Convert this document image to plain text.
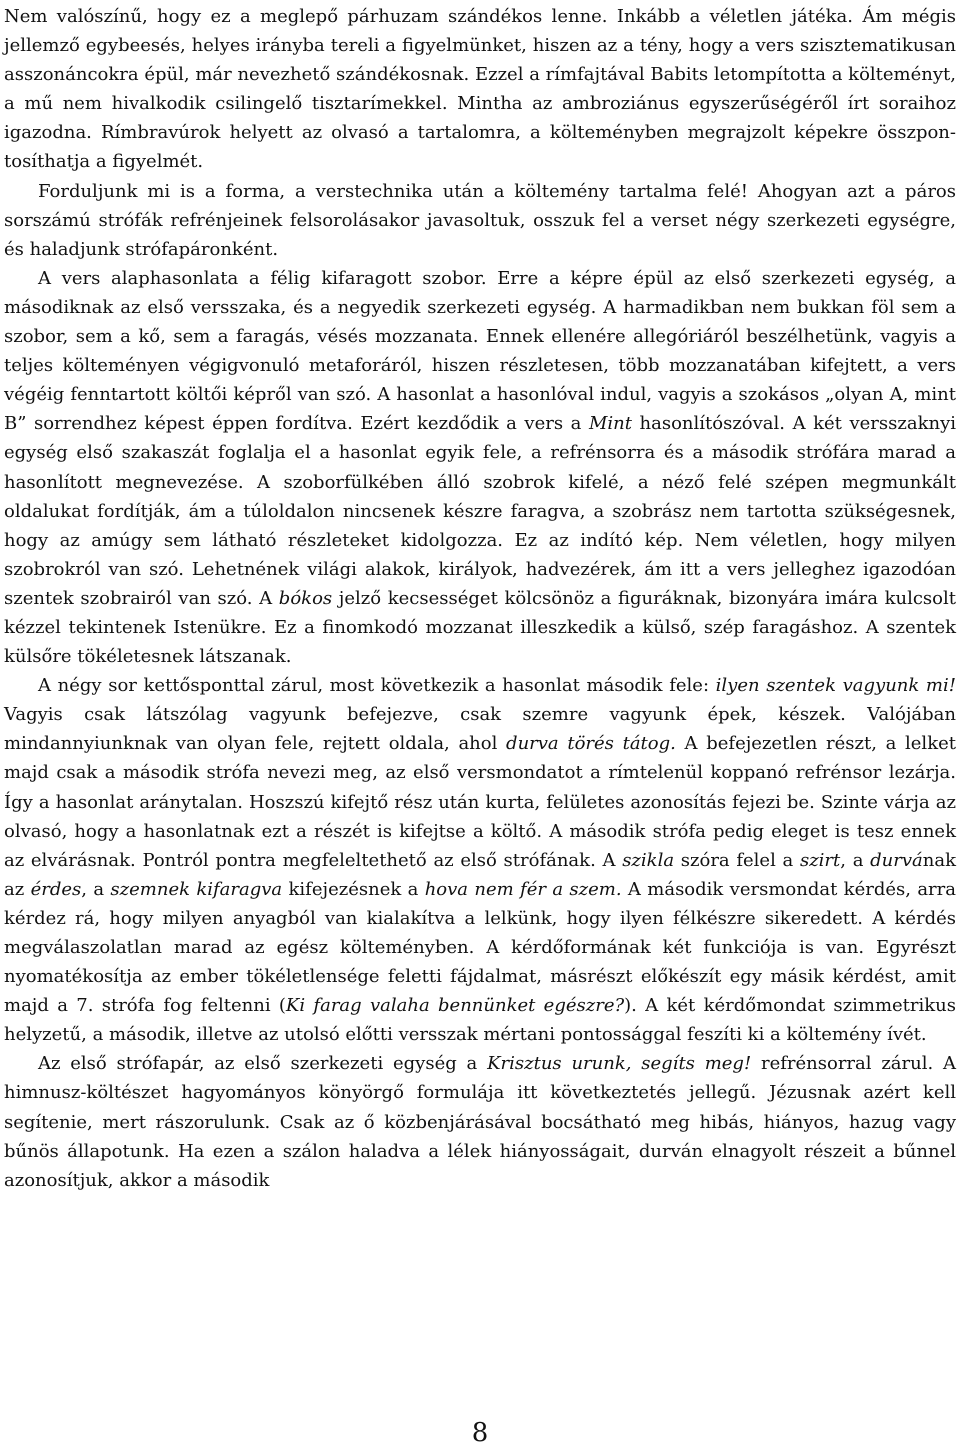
Nem valószínű, hogy ez a meglepő párhuzam szándékos lenne. Inkább a véletlen játéka. Ám mégis jellemző egybeesés, helyes irányba tereli a figyelmünket, hiszen az a tény, hogy a vers szisztematikusan asszonáncokra épül, már nevezhető szándékosnak. Ezzel a rímfajtával Babits letompította a költeményt, a mű nem hivalkodik csilingelő tisztarímekkel. Mintha az ambroziánus egyszerűségéről írt soraihoz igazodna. Rímbravúrok helyett az olvasó a tartalomra, a költeményben megrajzolt képekre összpontosíthatja a figyelmét.

Forduljunk mi is a forma, a verstechnika után a költemény tartalma felé! Ahogyan azt a páros sorszámú strófák refrénjeinek felsorolásakor javasoltuk, osszuk fel a verset négy szerkezeti egységre, és haladjunk strófapáronként.

A vers alaphasonlata a félig kifaragott szobor. Erre a képre épül az első szerkezeti egység, a másodiknak az első versszaka, és a negyedik szerkezeti egység. A harmadikban nem bukkan föl sem a szobor, sem a kő, sem a faragás, vésés mozzanata. Ennek ellenére allegóriáról beszélhetünk, vagyis a teljes költeményen végigvonuló metaforáról, hiszen részletesen, több mozzanatában kifejtett, a vers végéig fenntartott költői képről van szó. A hasonlat a hasonlóval indul, vagyis a szokásos „olyan A, mint B” sorrendhez képest éppen fordítva. Ezért kezdődik a vers a Mint hasonlítószóval. A két versszaknyi egység első szakaszát foglalja el a hasonlat egyik fele, a refrénsorra és a második strófára marad a hasonlított megnevezése. A szoborfülkében álló szobrok kifelé, a néző felé szépen megmunkált oldalukat fordítják, ám a túloldalon nincsenek készre faragva, a szobrász nem tartotta szükségesnek, hogy az amúgy sem látható részleteket kidolgozza. Ez az indító kép. Nem véletlen, hogy milyen szobrokról van szó. Lehetnének világi alakok, királyok, hadvezérek, ám itt a vers jelleghez igazodóan szentek szobrairól van szó. A bókos jelző kecsességet kölcsönöz a figuráknak, bizonyára imára kulcsolt kézzel tekintenek Istenükre. Ez a finomkodó mozzanat illeszkedik a külső, szép faragáshoz. A szentek külsőre tökéletesnek látszanak.

A négy sor kettősponttal zárul, most következik a hasonlat második fele: ilyen szentek vagyunk mi! Vagyis csak látszólag vagyunk befejezve, csak szemre vagyunk épek, készek. Valójában mindannyiunknak van olyan fele, rejtett oldala, ahol durva törés tátog. A befejezetlen részt, a lelket majd csak a második strófa nevezi meg, az első versmondatot a rímtelenül koppanó refrénsor lezárja. Így a hasonlat aránytalan. Hoszszú kifejtő rész után kurta, felületes azonosítás fejezi be. Szinte várja az olvasó, hogy a hasonlatnak ezt a részét is kifejtse a költő. A második strófa pedig eleget is tesz ennek az elvárásnak. Pontról pontra megfeleltethető az első strófának. A szikla szóra felel a szirt, a durvának az érdes, a szemnek kifaragva kifejezésnek a hova nem fér a szem. A második versmondat kérdés, arra kérdez rá, hogy milyen anyagból van kialakítva a lelkünk, hogy ilyen félkészre sikeredett. A kérdés megválaszolatlan marad az egész költeményben. A kérdőformának két funkciója is van. Egyrészt nyomatékosítja az ember tökéletlensége feletti fájdalmat, másrészt előkészít egy másik kérdést, amit majd a 7. strófa fog feltenni (Ki farag valaha bennünket egészre?). A két kérdőmondat szimmetrikus helyzetű, a második, illetve az utolsó előtti versszak mértani pontossággal feszíti ki a költemény ívét.

Az első strófapár, az első szerkezeti egység a Krisztus urunk, segíts meg! refrénsorral zárul. A himnusz-költészet hagyományos könyörgő formulája itt következtetés jellegű. Jézusnak azért kell segítenie, mert rászorulunk. Csak az ő közbenjárásával bocsátható meg hibás, hiányos, hazug vagy bűnös állapotunk. Ha ezen a szálon haladva a lélek hiányosságait, durván elnagyolt részeit a bűnnel azonosítjuk, akkor a második

8
